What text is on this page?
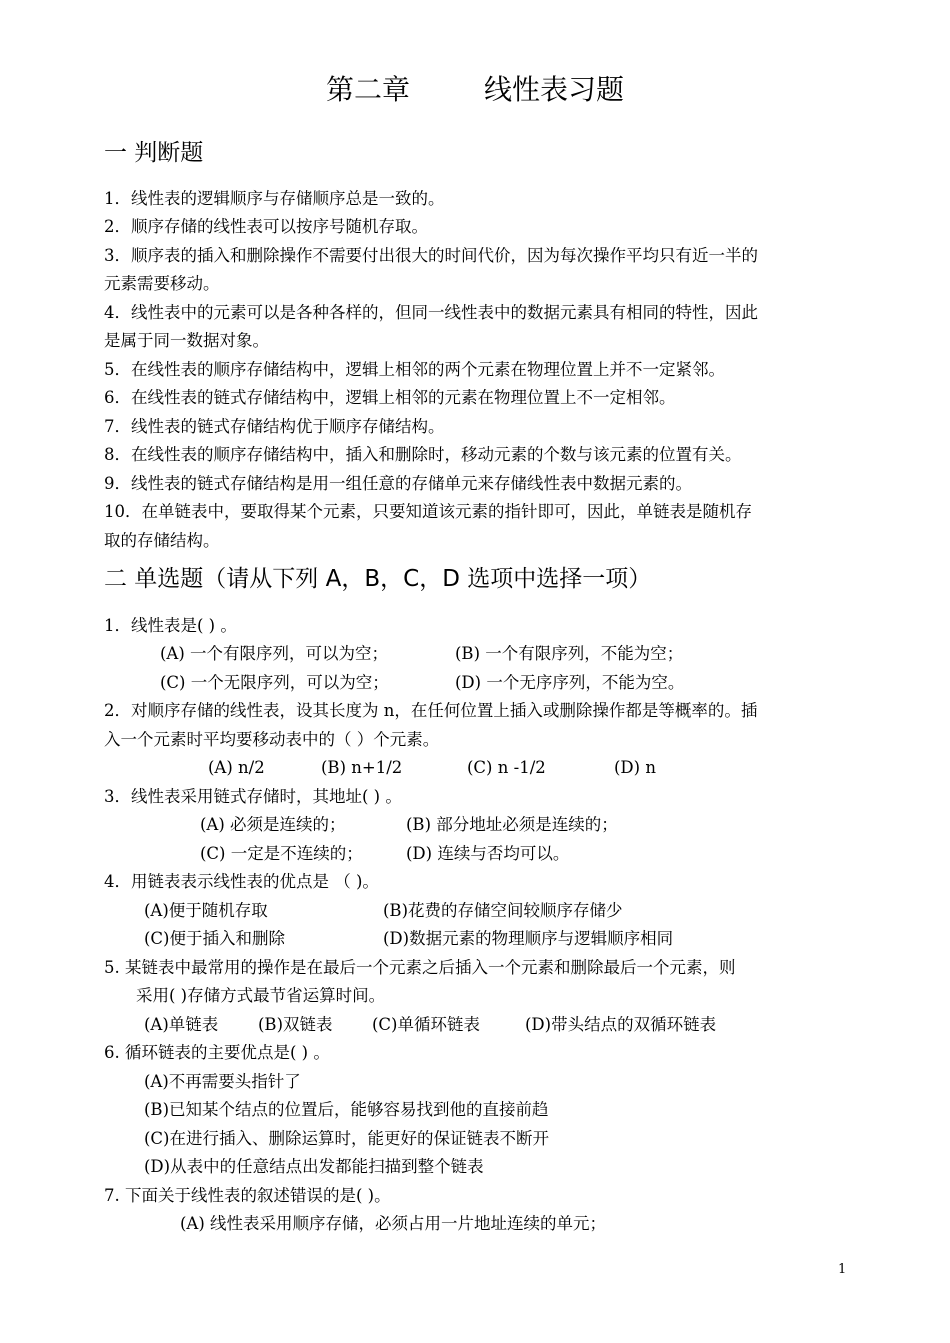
第二章	线性表习题
一 判断题
1．线性表的逻辑顺序与存储顺序总是一致的。
2．顺序存储的线性表可以按序号随机存取。
3．顺序表的插入和删除操作不需要付出很大的时间代价，因为每次操作平均只有近一半的
元素需要移动。
4．线性表中的元素可以是各种各样的，但同一线性表中的数据元素具有相同的特性，因此
是属于同一数据对象。
5．在线性表的顺序存储结构中，逻辑上相邻的两个元素在物理位置上并不一定紧邻。
6．在线性表的链式存储结构中，逻辑上相邻的元素在物理位置上不一定相邻。
7．线性表的链式存储结构优于顺序存储结构。
8．在线性表的顺序存储结构中，插入和删除时，移动元素的个数与该元素的位置有关。
9．线性表的链式存储结构是用一组任意的存储单元来存储线性表中数据元素的。
10．在单链表中，要取得某个元素，只要知道该元素的指针即可，因此，单链表是随机存
取的存储结构。
二 单选题（请从下列 A，B，C，D 选项中选择一项）
1．线性表是( ) 。
(A) 一个有限序列，可以为空；	(B) 一个有限序列，不能为空；
(C) 一个无限序列，可以为空；	(D) 一个无序序列，不能为空。
2．对顺序存储的线性表，设其长度为 n，在任何位置上插入或删除操作都是等概率的。插
入一个元素时平均要移动表中的（ ）个元素。
(A) n/2	(B) n+1/2	(C) n -1/2	(D) n
3．线性表采用链式存储时，其地址( ) 。
(A) 必须是连续的；	(B) 部分地址必须是连续的；
(C) 一定是不连续的；	(D) 连续与否均可以。
4．用链表表示线性表的优点是 （ )。
(A)便于随机存取	(B)花费的存储空间较顺序存储少
(C)便于插入和删除	(D)数据元素的物理顺序与逻辑顺序相同
5. 某链表中最常用的操作是在最后一个元素之后插入一个元素和删除最后一个元素，则
采用( )存储方式最节省运算时间。
(A)单链表 (B)双链表 (C)单循环链表	(D)带头结点的双循环链表
6. 循环链表的主要优点是( ) 。
(A)不再需要头指针了
(B)已知某个结点的位置后，能够容易找到他的直接前趋
(C)在进行插入、删除运算时，能更好的保证链表不断开
(D)从表中的任意结点出发都能扫描到整个链表
7. 下面关于线性表的叙述错误的是( )。
(A) 线性表采用顺序存储，必须占用一片地址连续的单元；
1
